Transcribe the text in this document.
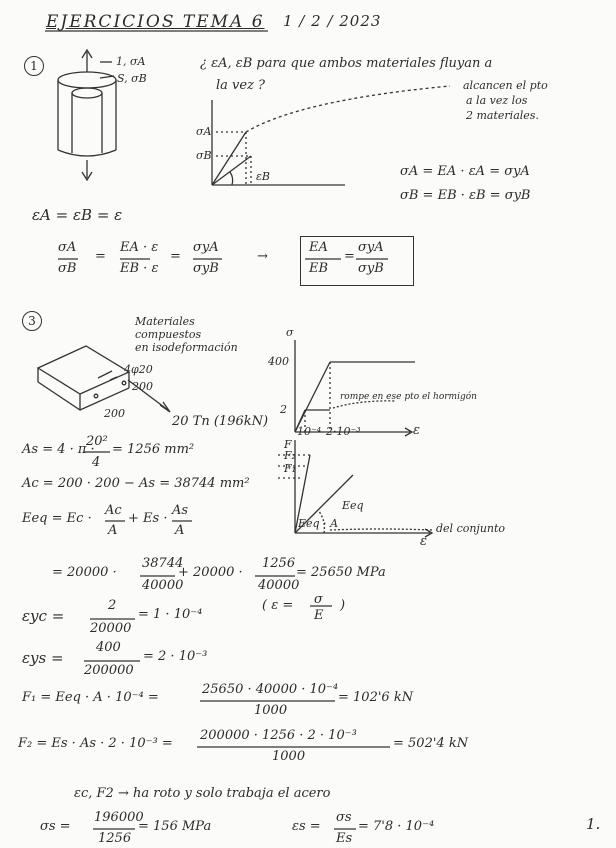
EJERCICIOS TEMA 6 1 / 2 / 2023
1	1, σA
S, σB
¿ εA, εB para que ambos materiales fluyan a
la vez ?	alcancen el pto
a la vez los
2 materiales.
σA
σB
εB	σA = EA · εA = σyA
σB = EB · εB = σyB
εA = εB = ε
σA
σB
=
EA · ε
EB · ε
=
σyA
σyB
→
EA
EB
=
σyA
σyB
3	Materiales
compuestos
en isodeformación
4φ20
200
200
20 Tn (196kN)
σ
400
2
10⁻⁴ 2·10⁻³	ε
rompe en ese pto el hormigón
F
F₂
F₁
Eeq
Eeq · A
ε
del conjunto
As = 4 · π ·
20²
4
= 1256 mm²
Ac = 200 · 200 − As = 38744 mm²
Eeq = Ec ·
Ac
A
+ Es ·
As
A
= 20000 ·
38744
40000
+ 20000 ·
1256
40000
= 25650 MPa
εyc =
2
20000
= 1 · 10⁻⁴
( ε = σ
E
)
εys =
400
200000
= 2 · 10⁻³
F₁ = Eeq · A · 10⁻⁴ =
25650 · 40000 · 10⁻⁴
1000
= 102'6 kN
F₂ = Es · As · 2 · 10⁻³ =
200000 · 1256 · 2 · 10⁻³
1000
= 502'4 kN
εc, F2 → ha roto y solo trabaja el acero
σs =
196000
1256
= 156 MPa	εs =
σs
Es
= 7'8 · 10⁻⁴	1.
